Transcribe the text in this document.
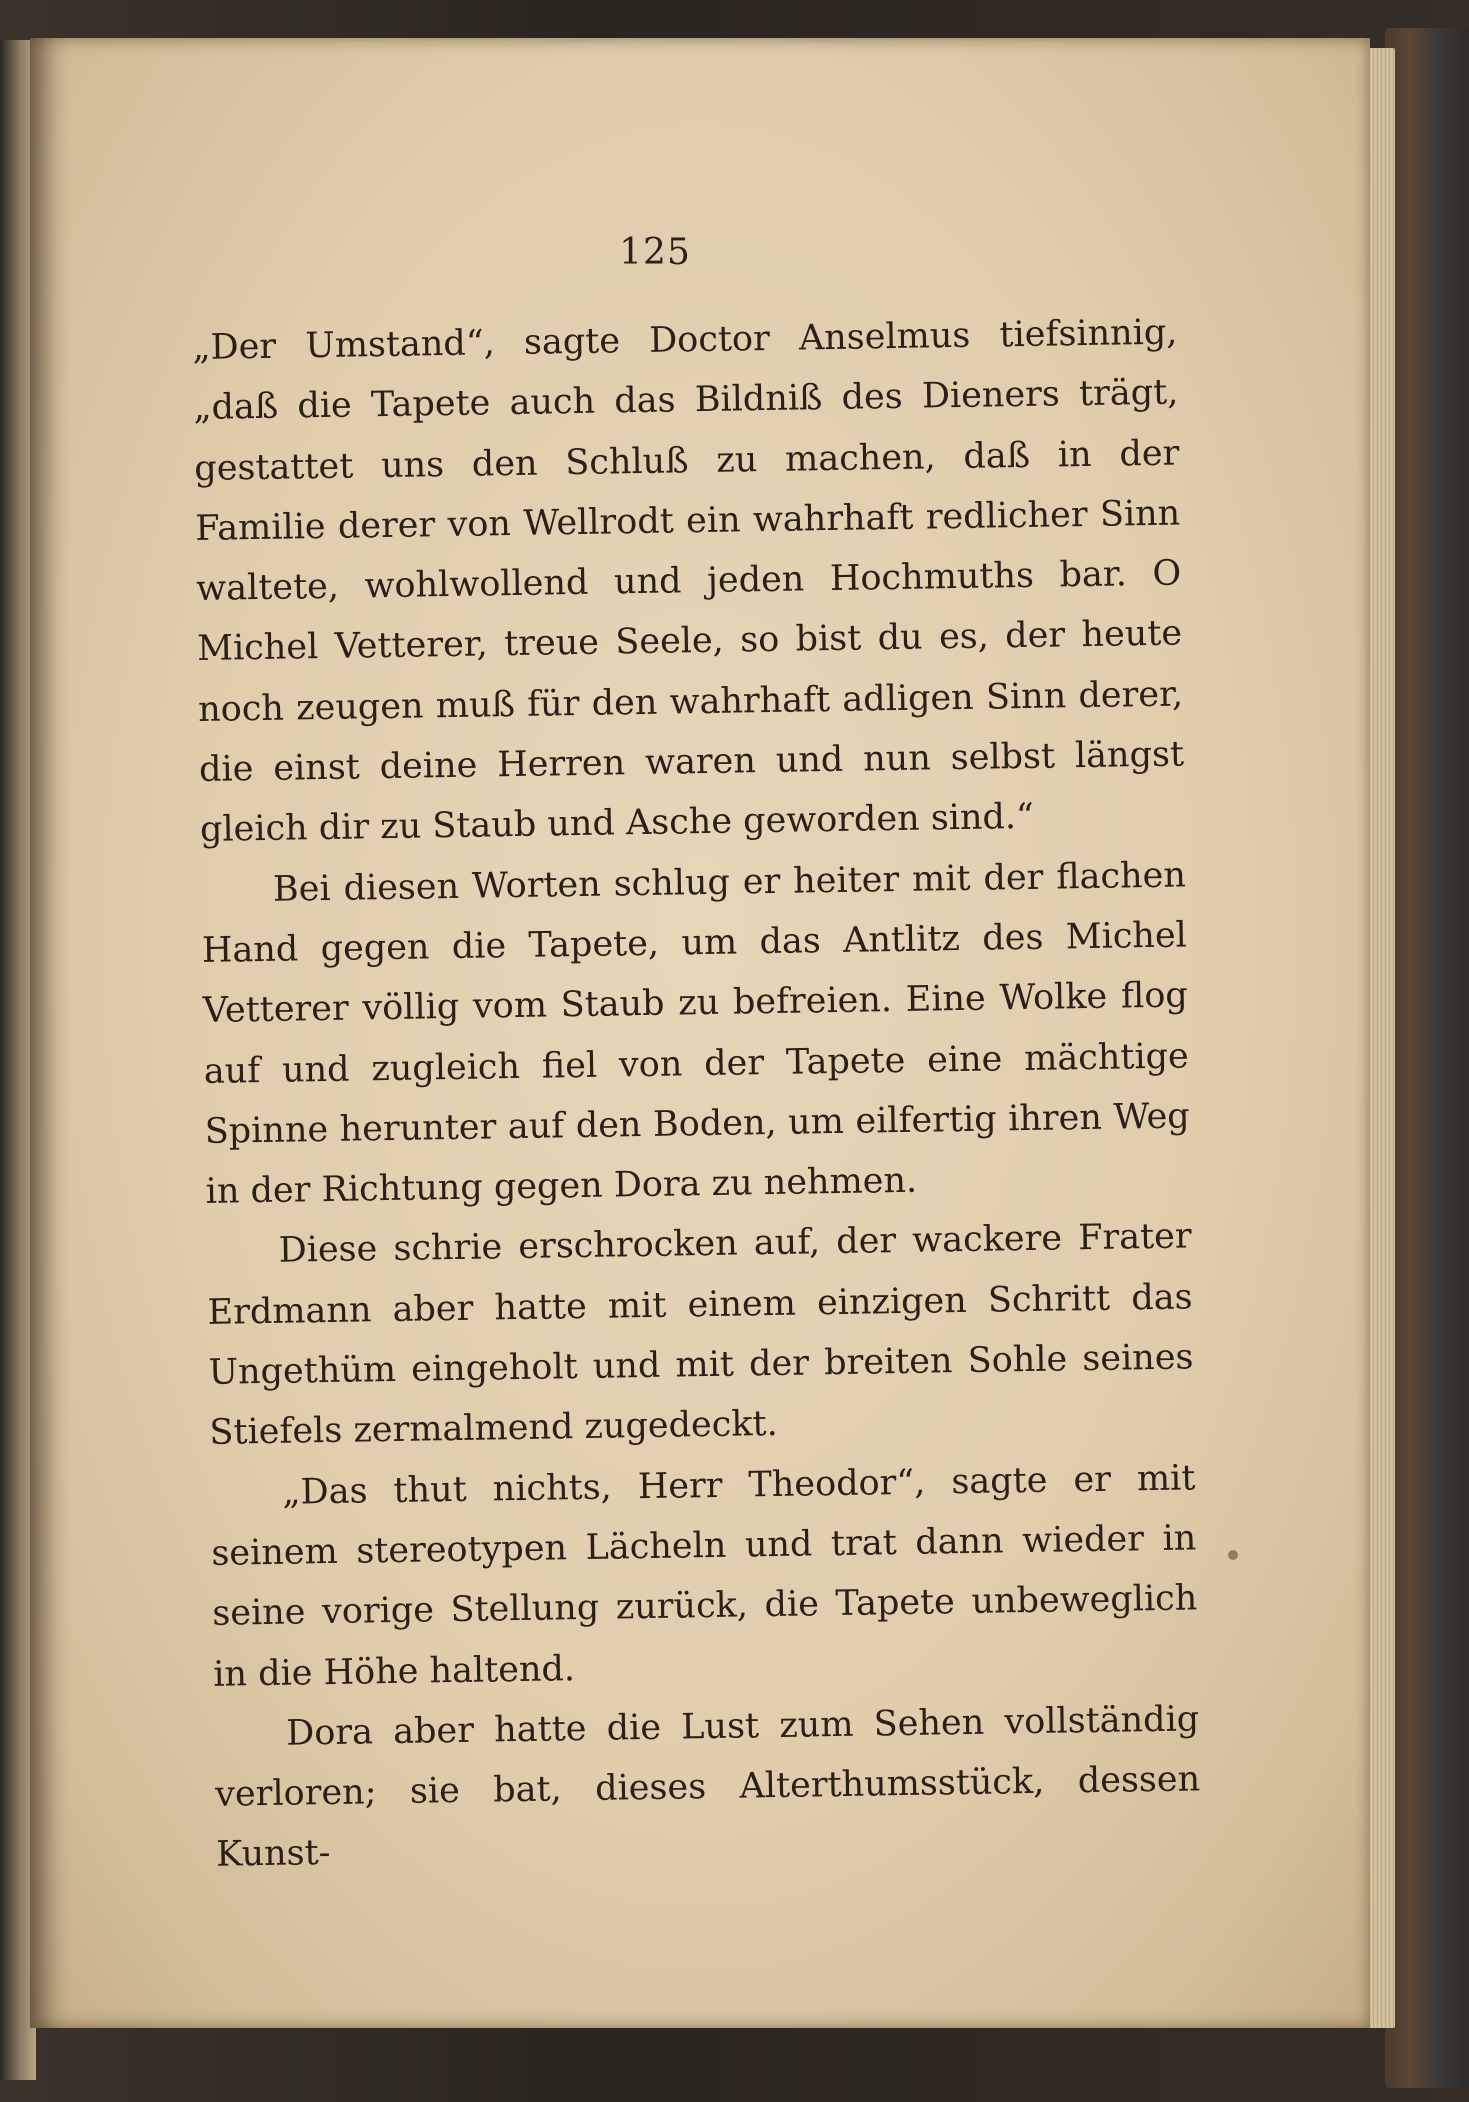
125

„Der Umstand“, sagte Doctor Anselmus tiefsinnig, „daß die Tapete auch das Bildniß des Dieners trägt, gestattet uns den Schluß zu machen, daß in der Familie derer von Wellrodt ein wahrhaft redlicher Sinn waltete, wohlwollend und jeden Hochmuths bar. O Michel Vetterer, treue Seele, so bist du es, der heute noch zeugen muß für den wahrhaft adligen Sinn derer, die einst deine Herren waren und nun selbst längst gleich dir zu Staub und Asche geworden sind.“

Bei diesen Worten schlug er heiter mit der flachen Hand gegen die Tapete, um das Antlitz des Michel Vetterer völlig vom Staub zu befreien. Eine Wolke flog auf und zugleich fiel von der Tapete eine mächtige Spinne herunter auf den Boden, um eilfertig ihren Weg in der Richtung gegen Dora zu nehmen.

Diese schrie erschrocken auf, der wackere Frater Erdmann aber hatte mit einem einzigen Schritt das Ungethüm eingeholt und mit der breiten Sohle seines Stiefels zermalmend zugedeckt.

„Das thut nichts, Herr Theodor“, sagte er mit seinem stereotypen Lächeln und trat dann wieder in seine vorige Stellung zurück, die Tapete unbeweglich in die Höhe haltend.

Dora aber hatte die Lust zum Sehen vollständig verloren; sie bat, dieses Alterthumsstück, dessen Kunst-
